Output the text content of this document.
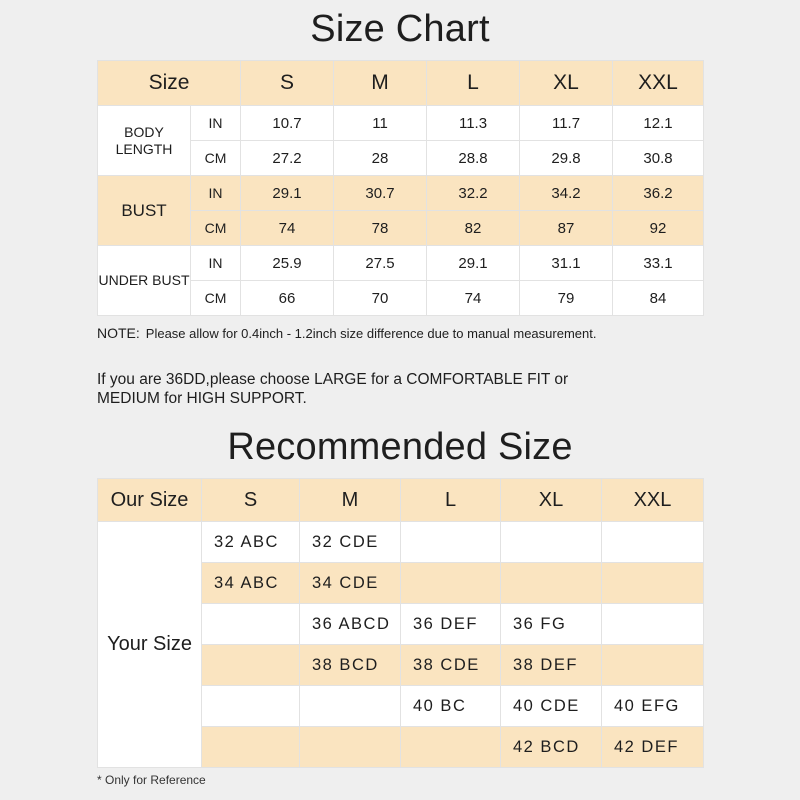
Size Chart
Size		S	M	L	XL	XXL
BODY LENGTH	IN	10.7	11	11.3	11.7	12.1
	CM	27.2	28	28.8	29.8	30.8
BUST	IN	29.1	30.7	32.2	34.2	36.2
	CM	74	78	82	87	92
UNDER BUST	IN	25.9	27.5	29.1	31.1	33.1
	CM	66	70	74	79	84
NOTE: Please allow for 0.4inch - 1.2inch size difference due to manual measurement.
If you are 36DD,please choose LARGE for a COMFORTABLE FIT or MEDIUM for HIGH SUPPORT.
Recommended Size
Our Size	S	M	L	XL	XXL
Your Size	32 ABC	32 CDE			
	34 ABC	34 CDE			
		36 ABCD	36 DEF	36 FG	
		38 BCD	38 CDE	38 DEF	
			40 BC	40 CDE	40 EFG
				42 BCD	42 DEF
* Only for Reference
